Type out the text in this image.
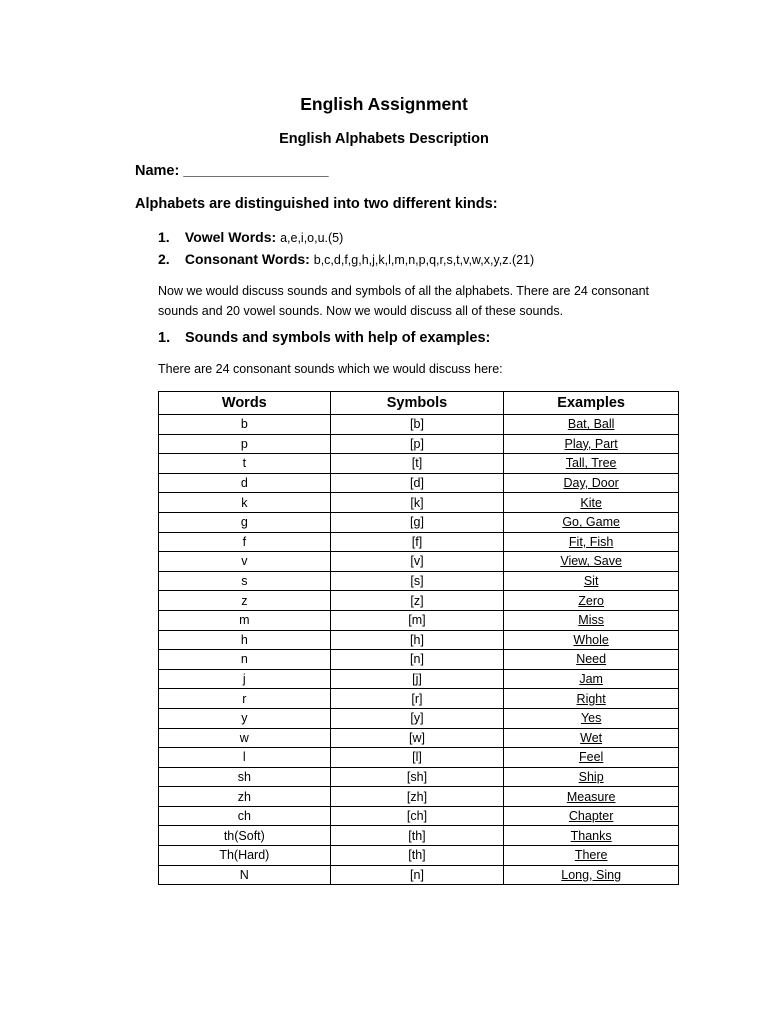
English Assignment
English Alphabets Description
Name: __________________
Alphabets are distinguished into two different kinds:
1. Vowel Words: a,e,i,o,u.(5)
2. Consonant Words: b,c,d,f,g,h,j,k,l,m,n,p,q,r,s,t,v,w,x,y,z.(21)
Now we would discuss sounds and symbols of all the alphabets. There are 24 consonant sounds and 20 vowel sounds. Now we would discuss all of these sounds.
1. Sounds and symbols with help of examples:
There are 24 consonant sounds which we would discuss here:
Words	Symbols	Examples
b	[b]	Bat, Ball
p	[p]	Play, Part
t	[t]	Tall, Tree
d	[d]	Day, Door
k	[k]	Kite
g	[g]	Go, Game
f	[f]	Fit, Fish
v	[v]	View, Save
s	[s]	Sit
z	[z]	Zero
m	[m]	Miss
h	[h]	Whole
n	[n]	Need
j	[j]	Jam
r	[r]	Right
y	[y]	Yes
w	[w]	Wet
l	[l]	Feel
sh	[sh]	Ship
zh	[zh]	Measure
ch	[ch]	Chapter
th(Soft)	[th]	Thanks
Th(Hard)	[th]	There
N	[n]	Long, Sing
